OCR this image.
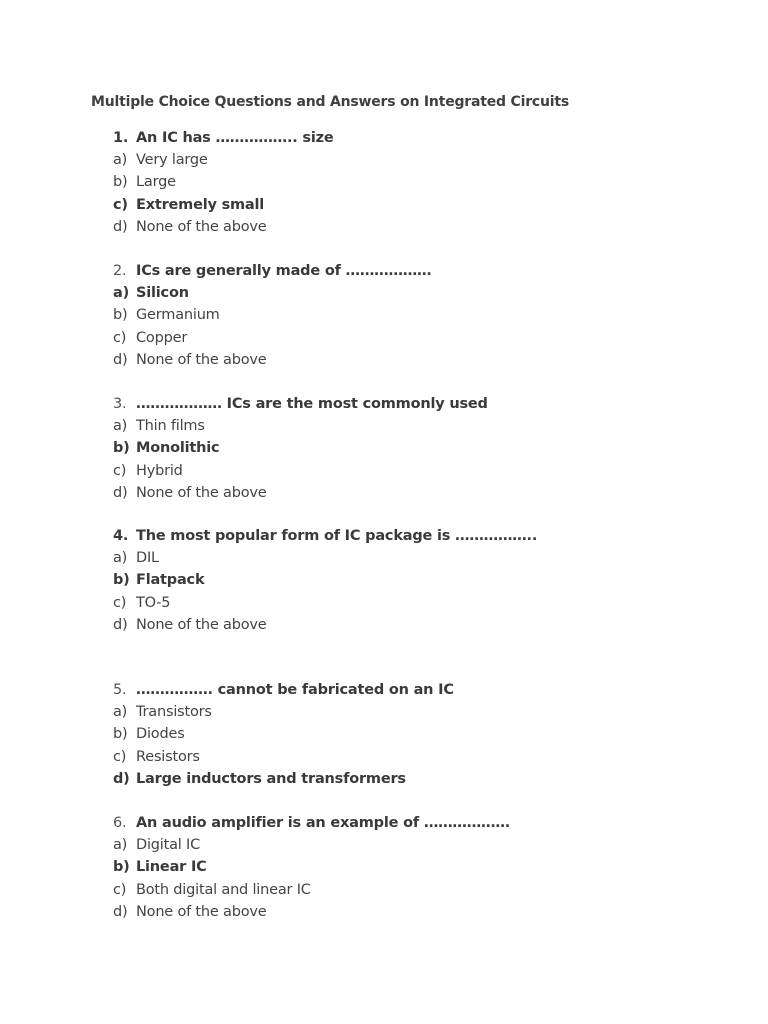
Multiple Choice Questions and Answers on Integrated Circuits
1. An IC has …………….. size
a) Very large
b) Large
c) Extremely small
d) None of the above
2. ICs are generally made of ………………
a) Silicon
b) Germanium
c) Copper
d) None of the above
3. ……………… ICs are the most commonly used
a) Thin films
b) Monolithic
c) Hybrid
d) None of the above
4. The most popular form of IC package is ……………..
a) DIL
b) Flatpack
c) TO-5
d) None of the above
5. ……………. cannot be fabricated on an IC
a) Transistors
b) Diodes
c) Resistors
d) Large inductors and transformers
6. An audio amplifier is an example of ………………
a) Digital IC
b) Linear IC
c) Both digital and linear IC
d) None of the above
